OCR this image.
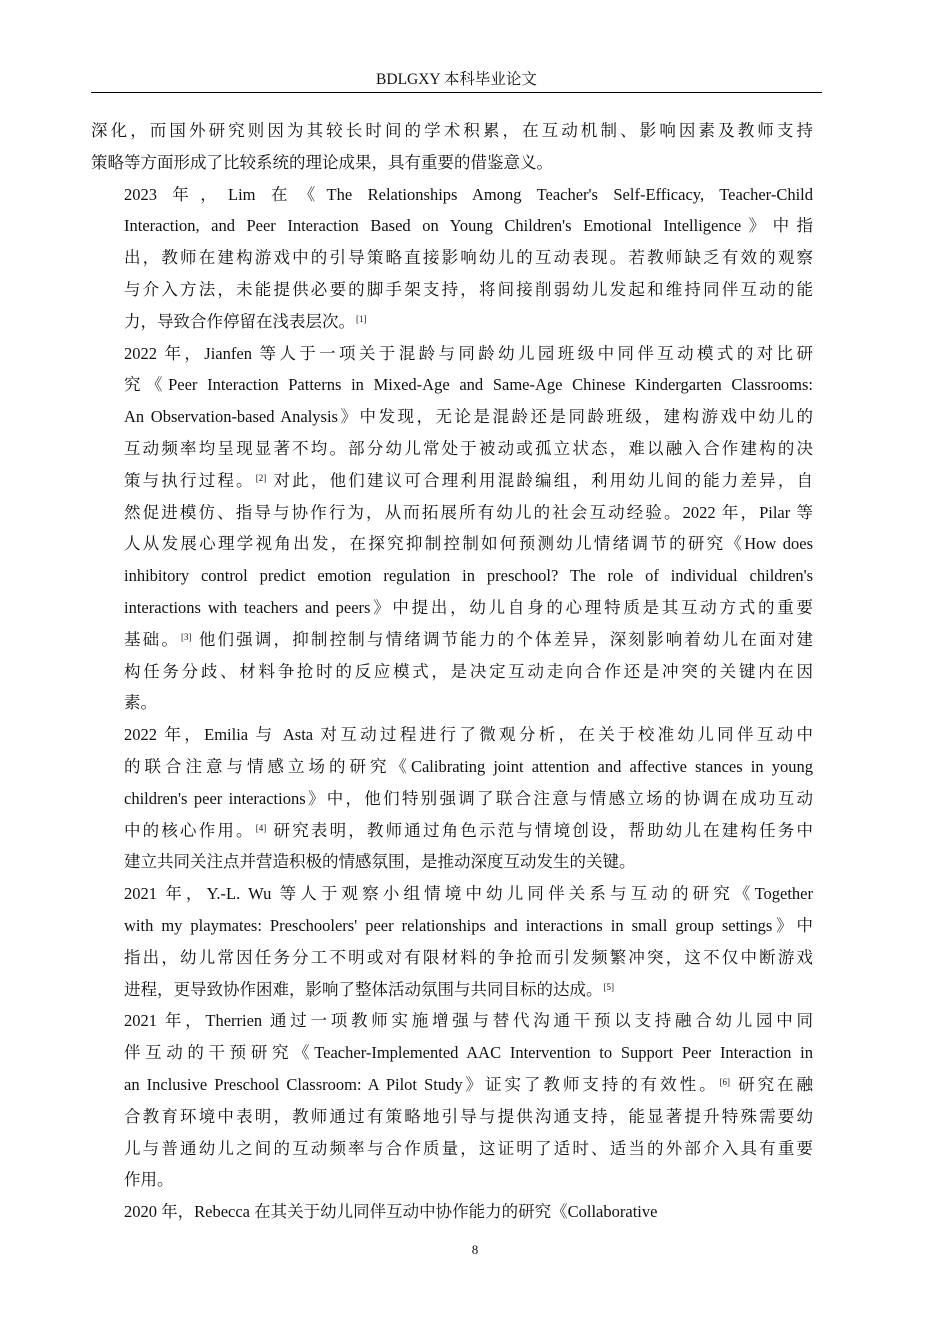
BDLGXY 本科毕业论文
深化，而国外研究则因为其较长时间的学术积累，在互动机制、影响因素及教师支持
策略等方面形成了比较系统的理论成果，具有重要的借鉴意义。
2023 年，Lim 在《The Relationships Among Teacher's Self-Efficacy, Teacher-Child
Interaction, and Peer Interaction Based on Young Children's Emotional Intelligence》中指
出，教师在建构游戏中的引导策略直接影响幼儿的互动表现。若教师缺乏有效的观察
与介入方法，未能提供必要的脚手架支持，将间接削弱幼儿发起和维持同伴互动的能
力，导致合作停留在浅表层次。[1]
2022 年，Jianfen 等人于一项关于混龄与同龄幼儿园班级中同伴互动模式的对比研
究《Peer Interaction Patterns in Mixed-Age and Same-Age Chinese Kindergarten Classrooms:
An Observation-based Analysis》中发现，无论是混龄还是同龄班级，建构游戏中幼儿的
互动频率均呈现显著不均。部分幼儿常处于被动或孤立状态，难以融入合作建构的决
策与执行过程。[2] 对此，他们建议可合理利用混龄编组，利用幼儿间的能力差异，自
然促进模仿、指导与协作行为，从而拓展所有幼儿的社会互动经验。2022 年，Pilar 等
人从发展心理学视角出发，在探究抑制控制如何预测幼儿情绪调节的研究《How does
inhibitory control predict emotion regulation in preschool? The role of individual children's
interactions with teachers and peers》中提出，幼儿自身的心理特质是其互动方式的重要
基础。[3] 他们强调，抑制控制与情绪调节能力的个体差异，深刻影响着幼儿在面对建
构任务分歧、材料争抢时的反应模式，是决定互动走向合作还是冲突的关键内在因
素。
2022 年，Emilia 与 Asta 对互动过程进行了微观分析，在关于校准幼儿同伴互动中
的联合注意与情感立场的研究《Calibrating joint attention and affective stances in young
children's peer interactions》中，他们特别强调了联合注意与情感立场的协调在成功互动
中的核心作用。[4] 研究表明，教师通过角色示范与情境创设，帮助幼儿在建构任务中
建立共同关注点并营造积极的情感氛围，是推动深度互动发生的关键。
2021 年，Y.-L. Wu 等人于观察小组情境中幼儿同伴关系与互动的研究《Together
with my playmates: Preschoolers' peer relationships and interactions in small group settings》中
指出，幼儿常因任务分工不明或对有限材料的争抢而引发频繁冲突，这不仅中断游戏
进程，更导致协作困难，影响了整体活动氛围与共同目标的达成。[5]
2021 年，Therrien 通过一项教师实施增强与替代沟通干预以支持融合幼儿园中同
伴互动的干预研究《Teacher-Implemented AAC Intervention to Support Peer Interaction in
an Inclusive Preschool Classroom: A Pilot Study》证实了教师支持的有效性。[6] 研究在融
合教育环境中表明，教师通过有策略地引导与提供沟通支持，能显著提升特殊需要幼
儿与普通幼儿之间的互动频率与合作质量，这证明了适时、适当的外部介入具有重要
作用。
2020 年，Rebecca 在其关于幼儿同伴互动中协作能力的研究《Collaborative
8
